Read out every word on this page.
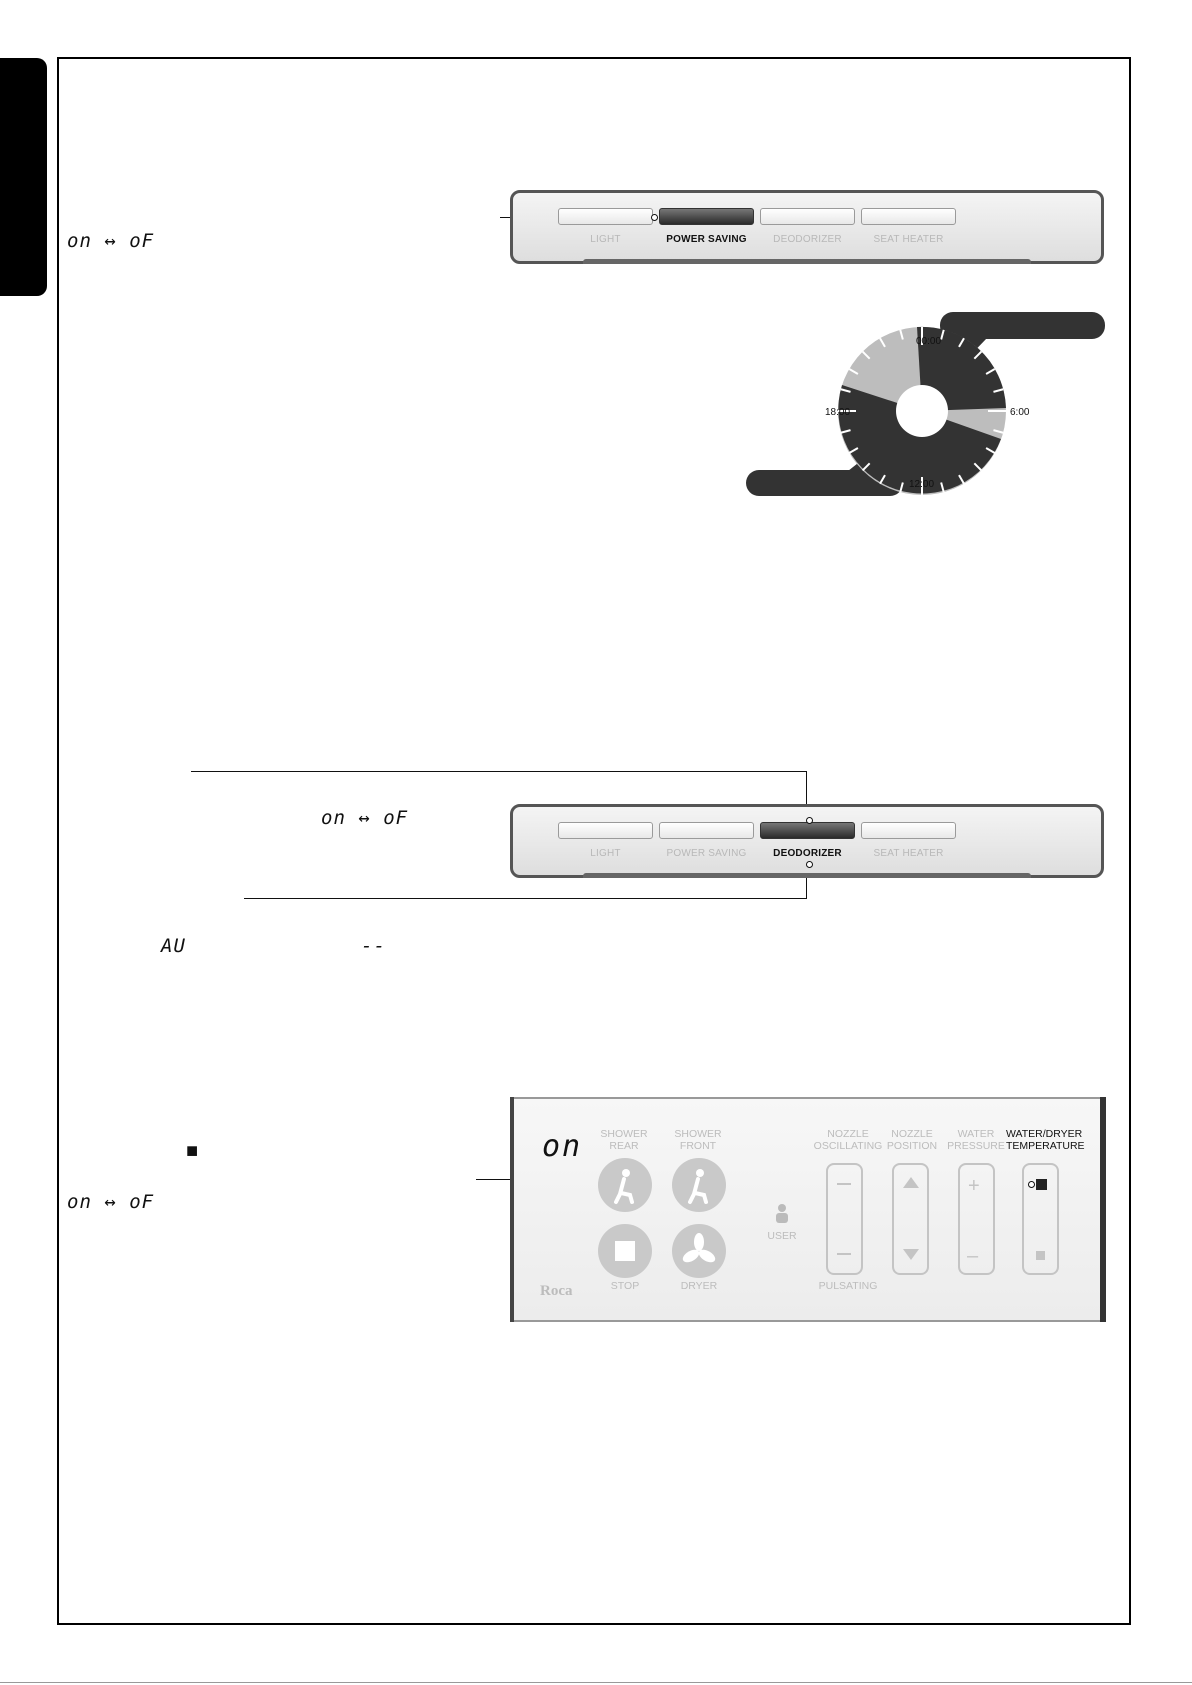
on ↔ oF	LIGHT	POWER SAVING	DEODORIZER	SEAT HEATER
00:00
6:00
12:00
18:00
on ↔ oF
LIGHT	POWER SAVING	DEODORIZER	SEAT HEATER
AU	--
■
on ↔ oF
on	SHOWER
REAR
SHOWER
FRONT
STOP	DRYER
USER
NOZZLE
OSCILLATING
NOZZLE
POSITION
WATER
PRESSURE
WATER/DRYER
TEMPERATURE
+
–
PULSATING
Roca
